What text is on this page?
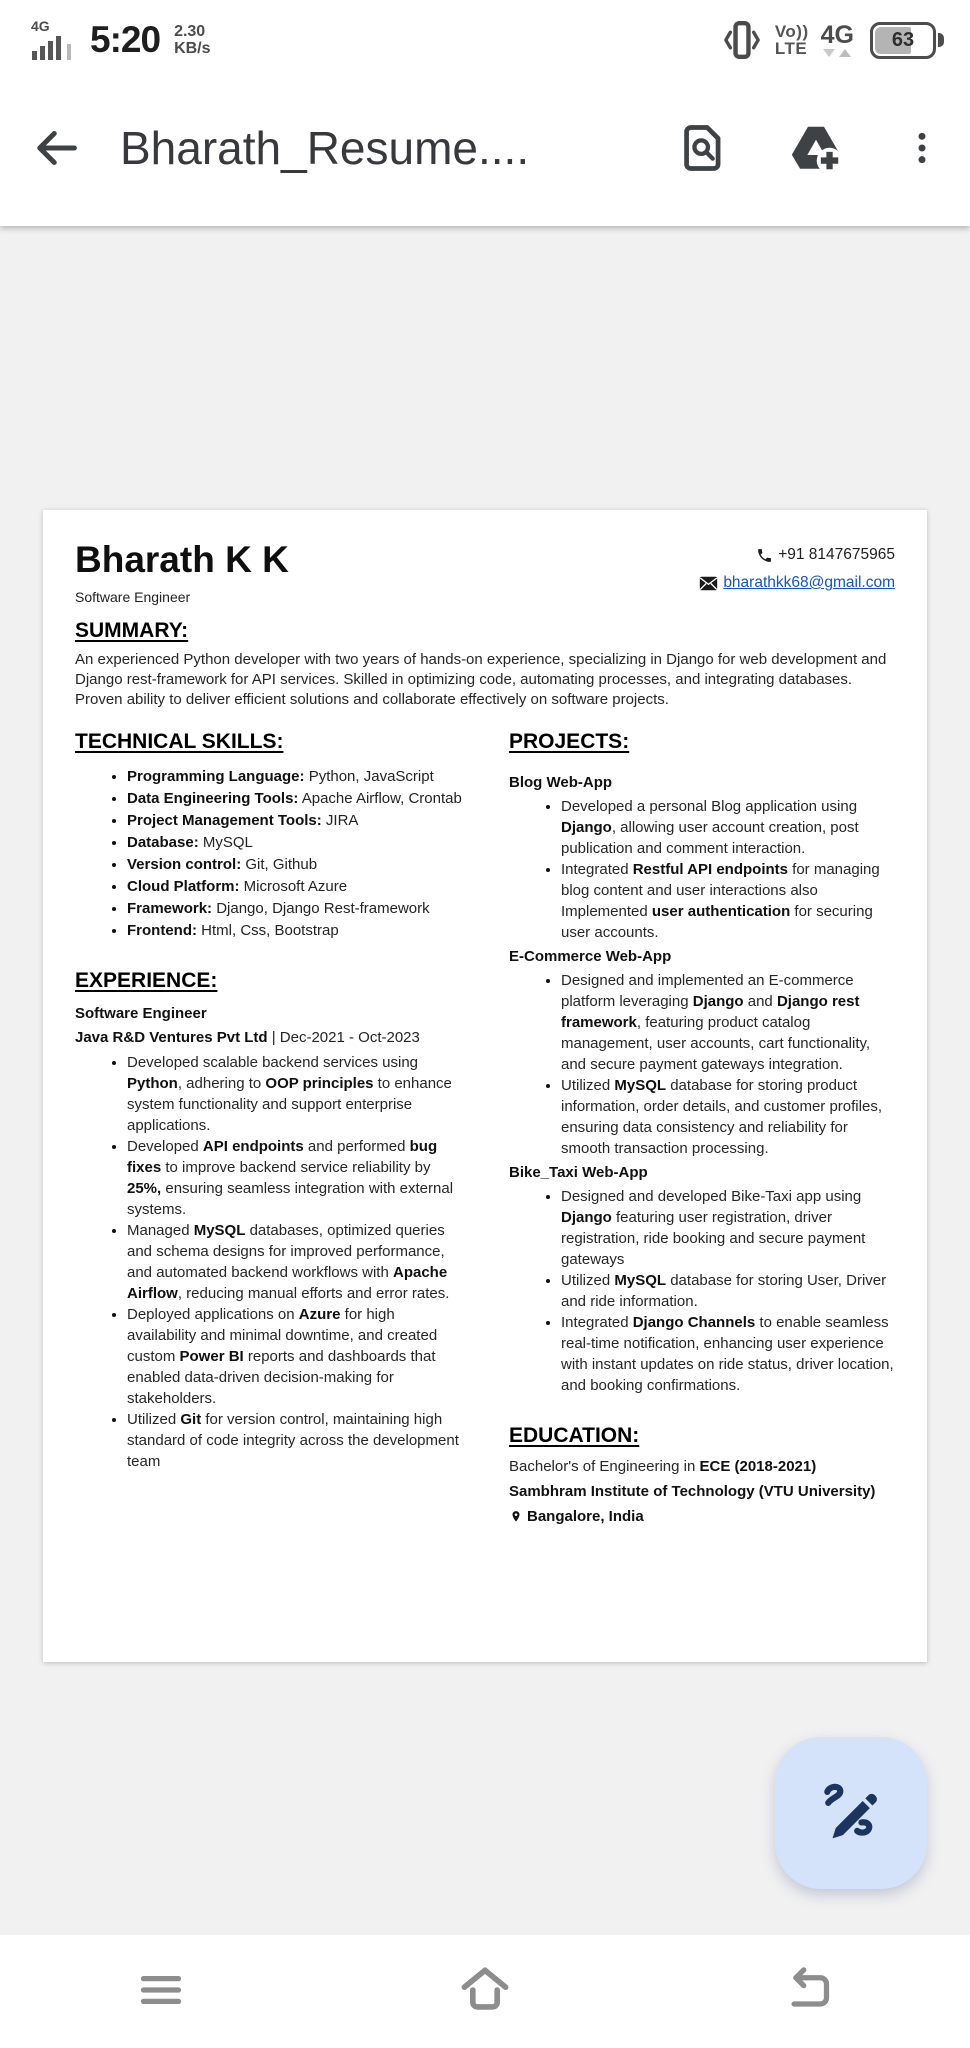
4G 5:20 2.30
KB/s
Vo))
LTE 4G	63
Bharath_Resume....
Bharath K K
Software Engineer
+91 8147675965
bharathkk68@gmail.com
SUMMARY:
An experienced Python developer with two years of hands-on experience, specializing in Django for web development and Django rest-framework for API services. Skilled in optimizing code, automating processes, and integrating databases. Proven ability to deliver efficient solutions and collaborate effectively on software projects.
TECHNICAL SKILLS:
• Programming Language: Python, JavaScript
• Data Engineering Tools: Apache Airflow, Crontab
• Project Management Tools: JIRA
• Database: MySQL
• Version control: Git, Github
• Cloud Platform: Microsoft Azure
• Framework: Django, Django Rest-framework
• Frontend: Html, Css, Bootstrap
EXPERIENCE:
Software Engineer
Java R&D Ventures Pvt Ltd | Dec-2021 - Oct-2023
• Developed scalable backend services using Python, adhering to OOP principles to enhance system functionality and support enterprise applications.
• Developed API endpoints and performed bug fixes to improve backend service reliability by 25%, ensuring seamless integration with external systems.
• Managed MySQL databases, optimized queries and schema designs for improved performance, and automated backend workflows with Apache Airflow, reducing manual efforts and error rates.
• Deployed applications on Azure for high availability and minimal downtime, and created custom Power BI reports and dashboards that enabled data-driven decision-making for stakeholders.
• Utilized Git for version control, maintaining high standard of code integrity across the development team
PROJECTS:
Blog Web-App
• Developed a personal Blog application using Django, allowing user account creation, post publication and comment interaction.
• Integrated Restful API endpoints for managing blog content and user interactions also Implemented user authentication for securing user accounts.
E-Commerce Web-App
• Designed and implemented an E-commerce platform leveraging Django and Django rest framework, featuring product catalog management, user accounts, cart functionality, and secure payment gateways integration.
• Utilized MySQL database for storing product information, order details, and customer profiles, ensuring data consistency and reliability for smooth transaction processing.
Bike_Taxi Web-App
• Designed and developed Bike-Taxi app using Django featuring user registration, driver registration, ride booking and secure payment gateways
• Utilized MySQL database for storing User, Driver and ride information.
• Integrated Django Channels to enable seamless real-time notification, enhancing user experience with instant updates on ride status, driver location, and booking confirmations.
EDUCATION:
Bachelor's of Engineering in ECE (2018-2021)
Sambhram Institute of Technology (VTU University)
Bangalore, India
